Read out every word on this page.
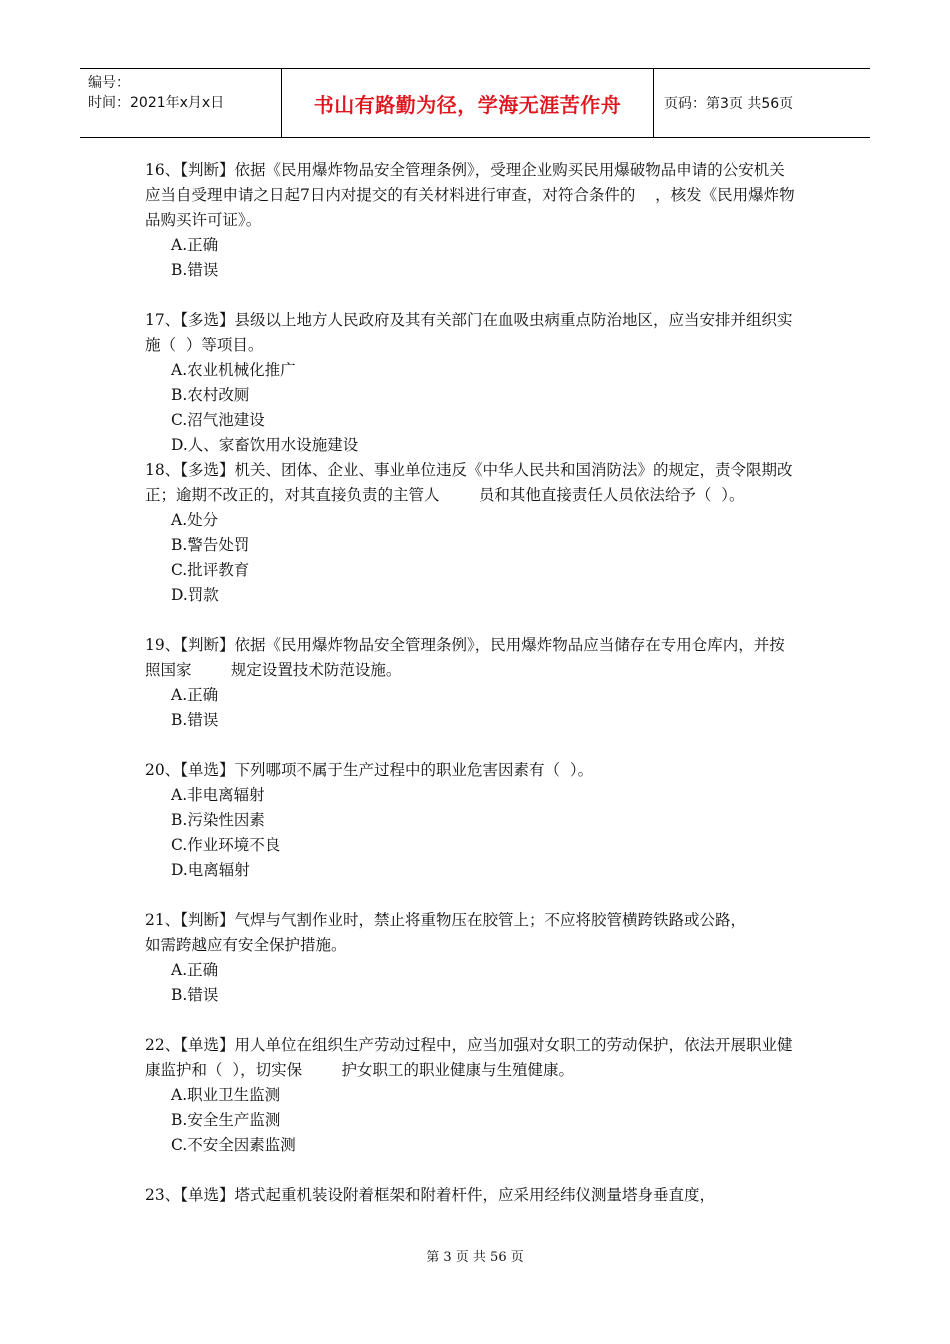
编号：
时间：2021年x月x日	书山有路勤为径，学海无涯苦作舟	页码：第3页 共56页
16、【判断】依据《民用爆炸物品安全管理条例》，受理企业购买民用爆破物品申请的公安机关应当自受理申请之日起7日内对提交的有关材料进行审查，对符合条件的    ，核发《民用爆炸物品购买许可证》。
A.正确
B.错误
17、【多选】县级以上地方人民政府及其有关部门在血吸虫病重点防治地区，应当安排并组织实施（  ）等项目。
A.农业机械化推广
B.农村改厕
C.沼气池建设
D.人、家畜饮用水设施建设
18、【多选】机关、团体、企业、事业单位违反《中华人民共和国消防法》的规定，责令限期改正；逾期不改正的，对其直接负责的主管人        员和其他直接责任人员依法给予（  ）。
A.处分
B.警告处罚
C.批评教育
D.罚款
19、【判断】依据《民用爆炸物品安全管理条例》，民用爆炸物品应当储存在专用仓库内，并按照国家        规定设置技术防范设施。
A.正确
B.错误
20、【单选】下列哪项不属于生产过程中的职业危害因素有（  ）。
A.非电离辐射
B.污染性因素
C.作业环境不良
D.电离辐射
21、【判断】气焊与气割作业时，禁止将重物压在胶管上；不应将胶管横跨铁路或公路，        如需跨越应有安全保护措施。
A.正确
B.错误
22、【单选】用人单位在组织生产劳动过程中，应当加强对女职工的劳动保护，依法开展职业健康监护和（  ），切实保        护女职工的职业健康与生殖健康。
A.职业卫生监测
B.安全生产监测
C.不安全因素监测
23、【单选】塔式起重机装设附着框架和附着杆件，应采用经纬仪测量塔身垂直度，
第 3 页 共 56 页
